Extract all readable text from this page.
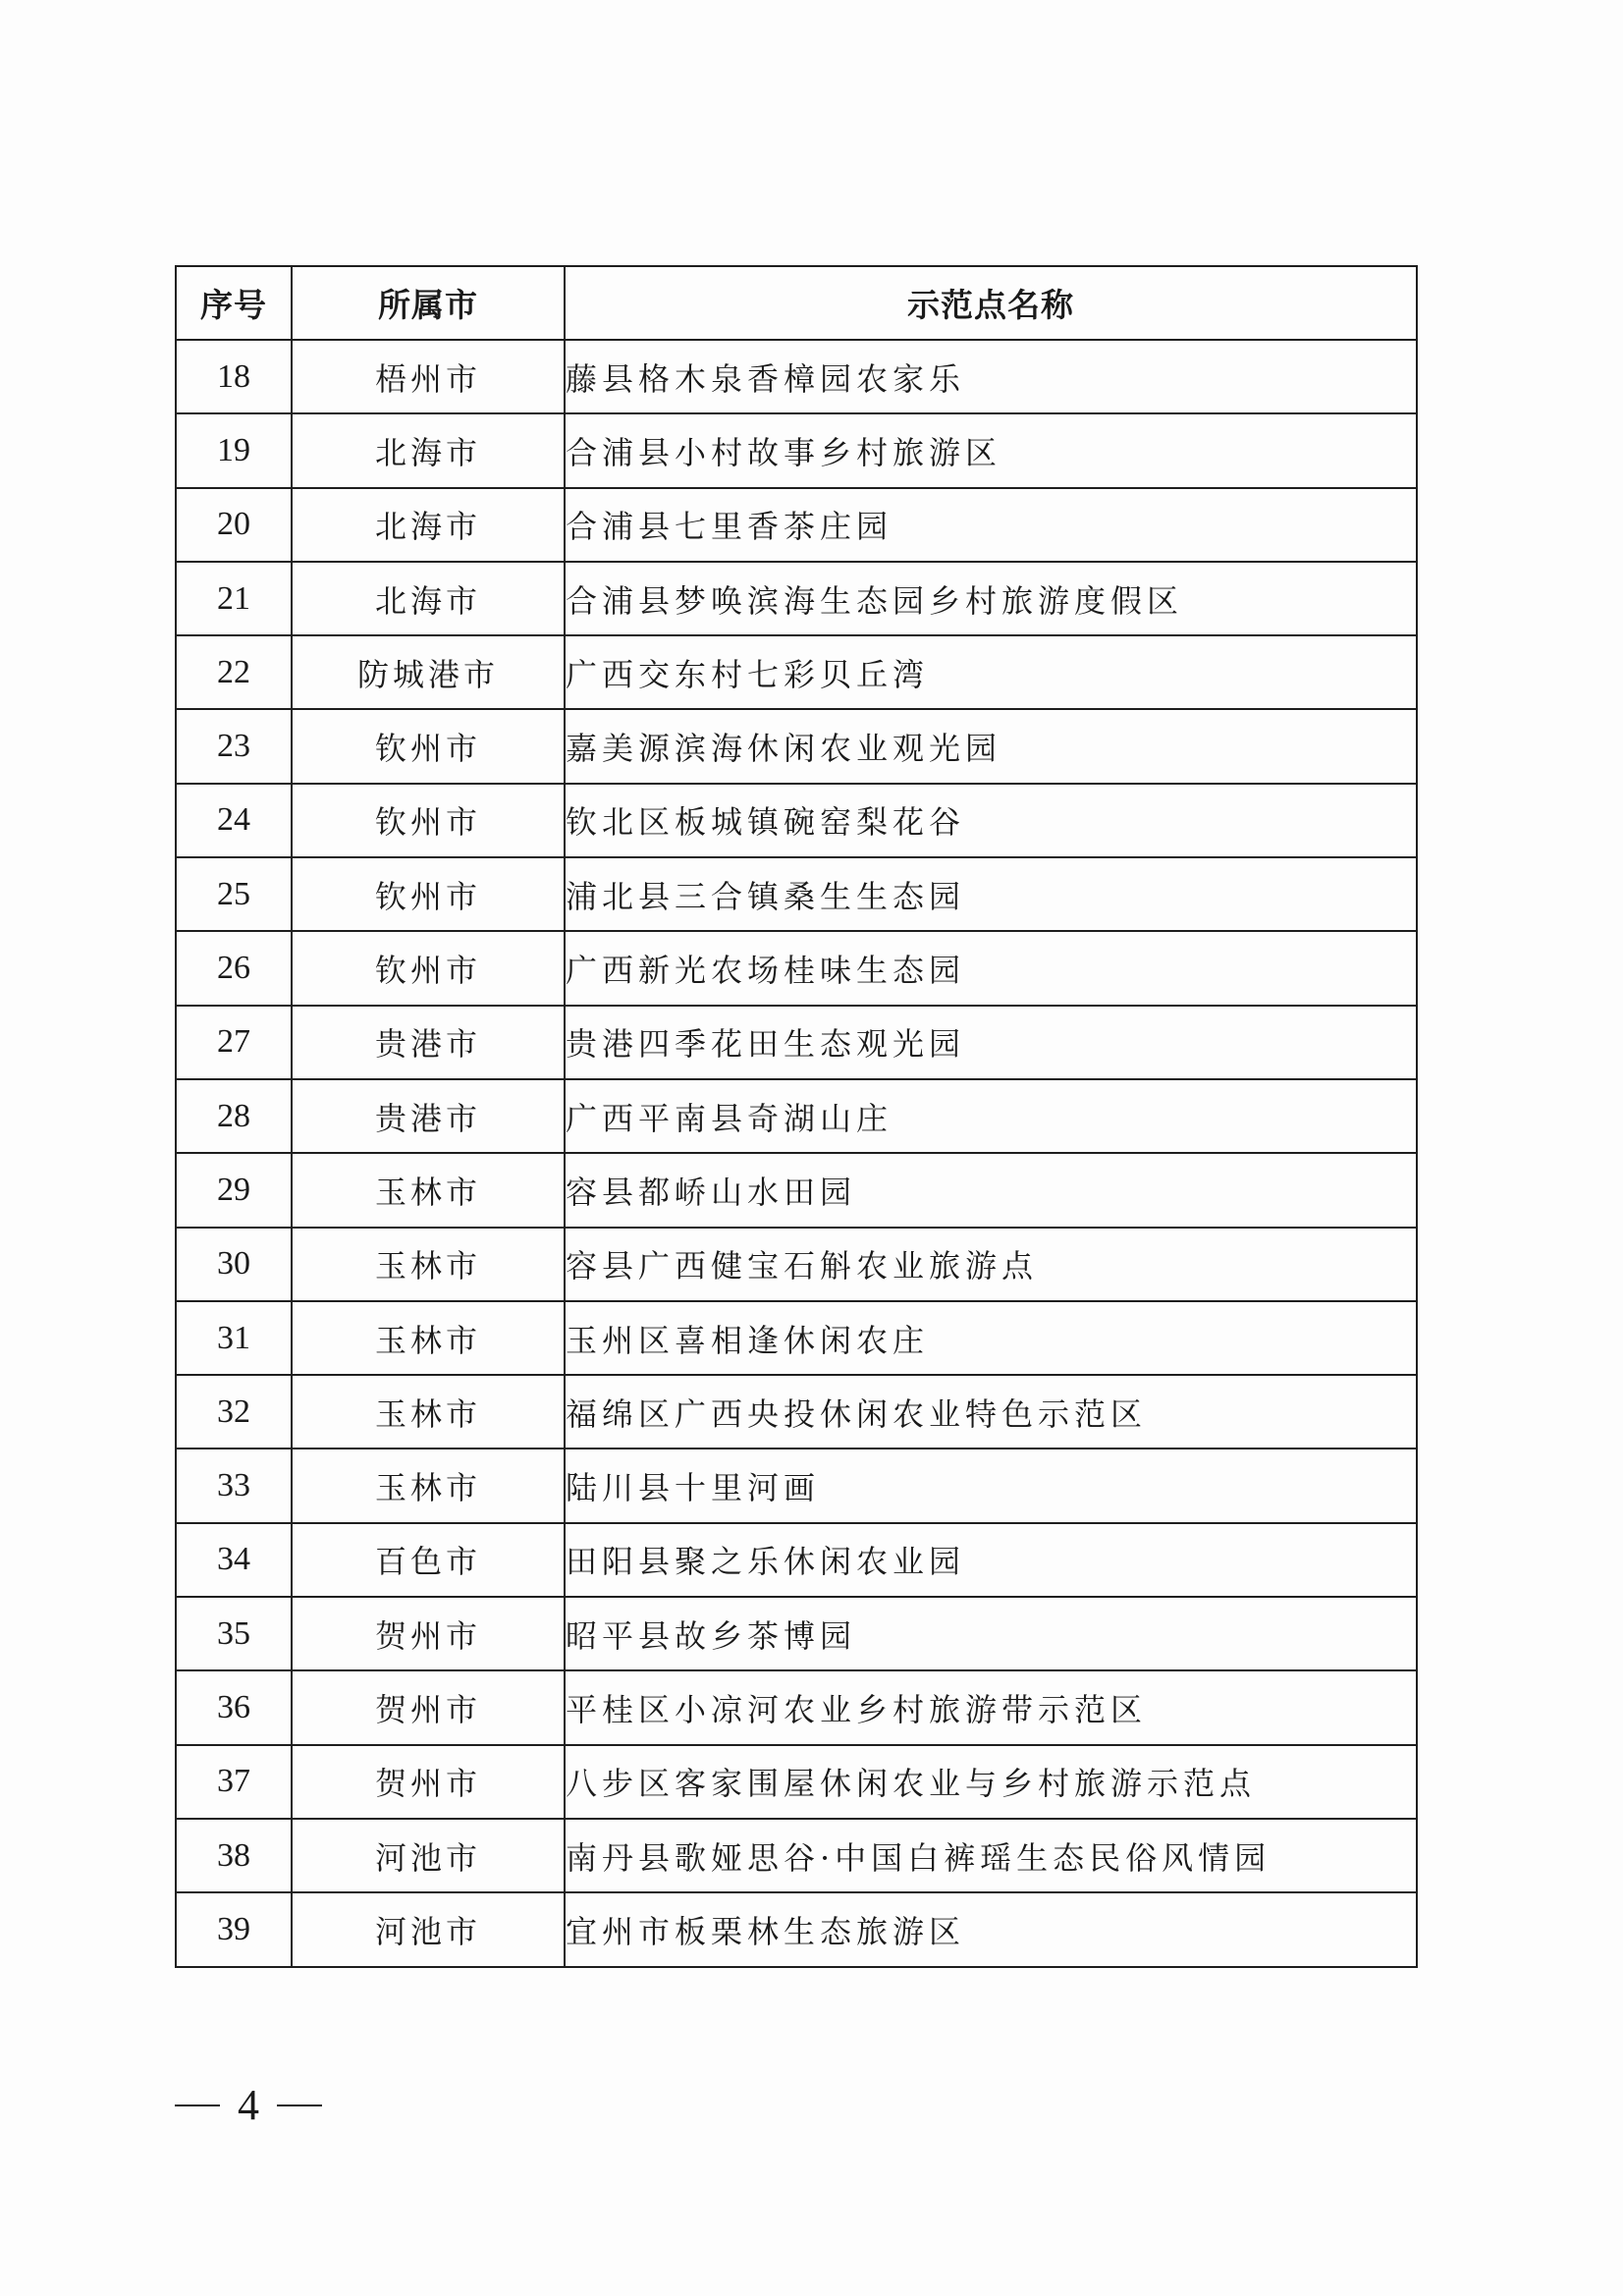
序号	所属市	示范点名称
18	梧州市	藤县格木泉香樟园农家乐
19	北海市	合浦县小村故事乡村旅游区
20	北海市	合浦县七里香茶庄园
21	北海市	合浦县梦唤滨海生态园乡村旅游度假区
22	防城港市	广西交东村七彩贝丘湾
23	钦州市	嘉美源滨海休闲农业观光园
24	钦州市	钦北区板城镇碗窑梨花谷
25	钦州市	浦北县三合镇桑生生态园
26	钦州市	广西新光农场桂味生态园
27	贵港市	贵港四季花田生态观光园
28	贵港市	广西平南县奇湖山庄
29	玉林市	容县都峤山水田园
30	玉林市	容县广西健宝石斛农业旅游点
31	玉林市	玉州区喜相逢休闲农庄
32	玉林市	福绵区广西央投休闲农业特色示范区
33	玉林市	陆川县十里河画
34	百色市	田阳县聚之乐休闲农业园
35	贺州市	昭平县故乡茶博园
36	贺州市	平桂区小凉河农业乡村旅游带示范区
37	贺州市	八步区客家围屋休闲农业与乡村旅游示范点
38	河池市	南丹县歌娅思谷·中国白裤瑶生态民俗风情园
39	河池市	宜州市板栗林生态旅游区
4
